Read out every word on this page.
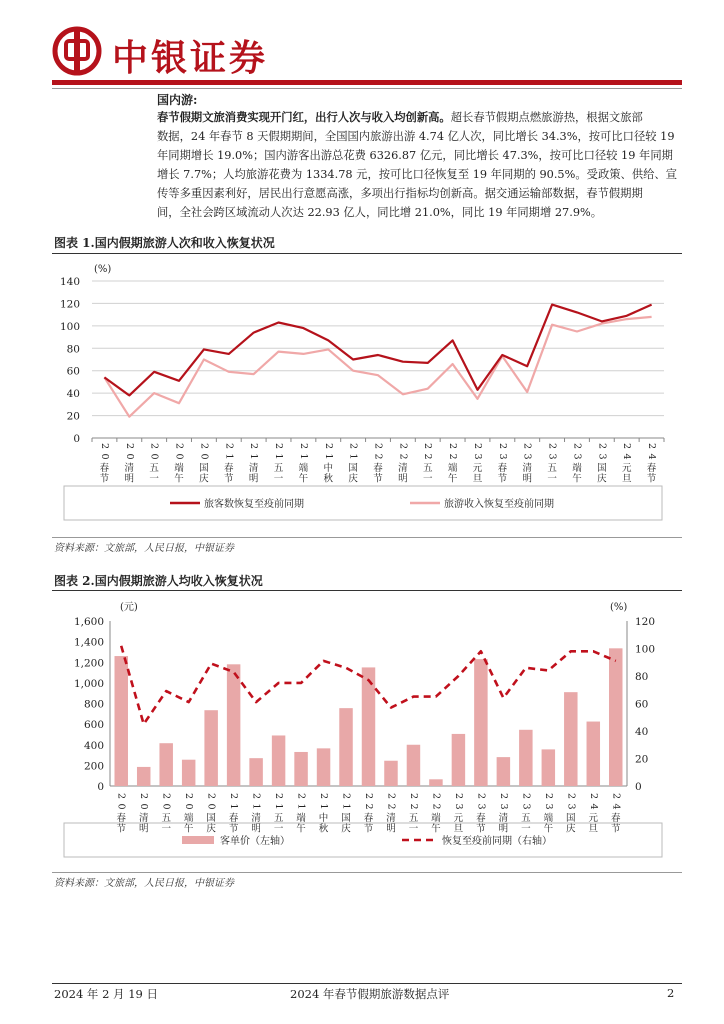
中银证券
国内游:
春节假期文旅消费实现开门红，出行人次与收入均创新高。超长春节假期点燃旅游热，根据文旅部
数据，24 年春节 8 天假期期间，全国国内旅游出游 4.74 亿人次，同比增长 34.3%，按可比口径较 19
年同期增长 19.0%；国内游客出游总花费 6326.87 亿元，同比增长 47.3%，按可比口径较 19 年同期
增长 7.7%；人均旅游花费为 1334.78 元，按可比口径恢复至 19 年同期的 90.5%。受政策、供给、宣
传等多重因素利好，居民出行意愿高涨，多项出行指标均创新高。据交通运输部数据，春节假期期
间，全社会跨区域流动人次达 22.93 亿人，同比增 21.0%，同比 19 年同期增 27.9%。
图表 1.国内假期旅游人次和收入恢复状况
(%)
0
20
40
60
80
100
120
140
2
0
春
节
2
0
清
明
2
0
五
一
2
0
端
午
2
0
国
庆
2
1
春
节
2
1
清
明
2
1
五
一
2
1
端
午
2
1
中
秋
2
1
国
庆
2
2
春
节
2
2
清
明
2
2
五
一
2
2
端
午
2
3
元
旦
2
3
春
节
2
3
清
明
2
3
五
一
2
3
端
午
2
3
国
庆
2
4
元
旦
2
4
春
节
旅客数恢复至疫前同期	旅游收入恢复至疫前同期
资料来源：文旅部，人民日报，中银证券
图表 2.国内假期旅游人均收入恢复状况
(元)	(%)
0
200
400
600
800
1,000
1,200
1,400
1,600
0
20
40
60
80
100
120
2
0
春
节
2
0
清
明
2
0
五
一
2
0
端
午
2
0
国
庆
2
1
春
节
2
1
清
明
2
1
五
一
2
1
端
午
2
1
中
秋
2
1
国
庆
2
2
春
节
2
2
清
明
2
2
五
一
2
2
端
午
2
3
元
旦
2
3
春
节
2
3
清
明
2
3
五
一
2
3
端
午
2
3
国
庆
2
4
元
旦
2
4
春
节
客单价（左轴）	恢复至疫前同期（右轴）
资料来源：文旅部，人民日报，中银证券
2024 年 2 月 19 日	2024 年春节假期旅游数据点评	2
